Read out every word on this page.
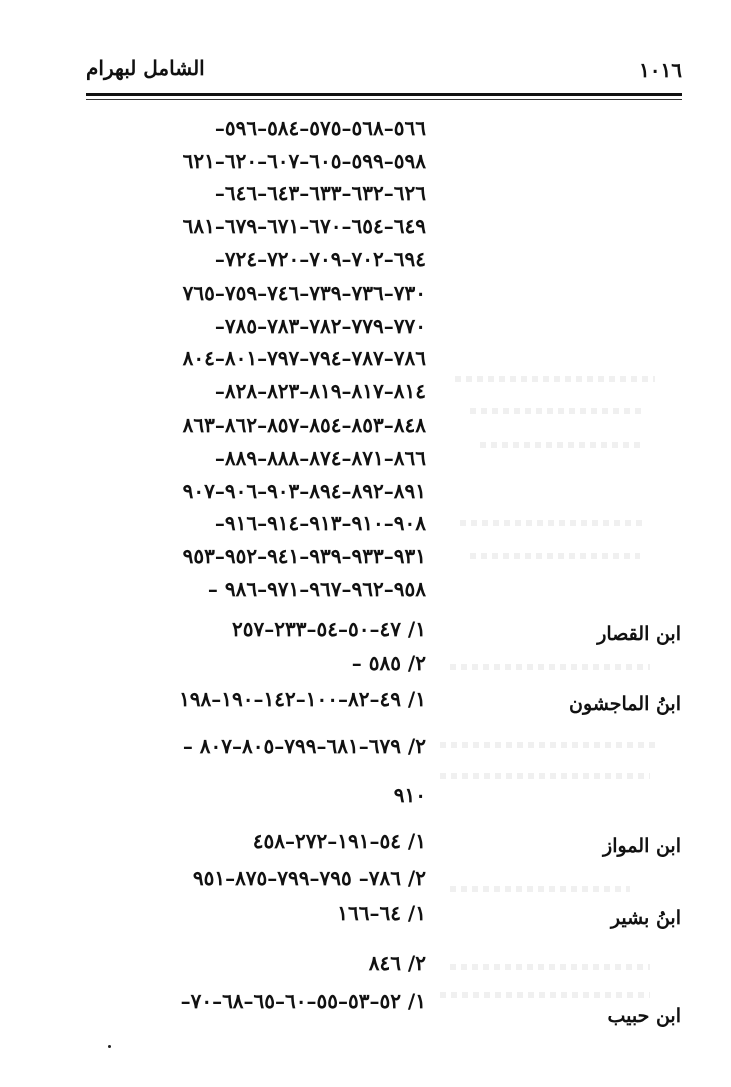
١٠١٦
الشامل لبهرام
٥٦٦–٥٦٨–٥٧٥–٥٨٤–٥٩٦–
٥٩٨–٥٩٩–٦٠٥–٦٠٧–٦٢٠–٦٢١
٦٢٦–٦٣٢–٦٣٣–٦٤٣–٦٤٦–
٦٤٩–٦٥٤–٦٧٠–٦٧١–٦٧٩–٦٨١
٦٩٤–٧٠٢–٧٠٩–٧٢٠–٧٢٤–
٧٣٠–٧٣٦–٧٣٩–٧٤٦–٧٥٩–٧٦٥
٧٧٠–٧٧٩–٧٨٢–٧٨٣–٧٨٥–
٧٨٦–٧٨٧–٧٩٤–٧٩٧–٨٠١–٨٠٤
٨١٤–٨١٧–٨١٩–٨٢٣–٨٢٨–
٨٤٨–٨٥٣–٨٥٤–٨٥٧–٨٦٢–٨٦٣
٨٦٦–٨٧١–٨٧٤–٨٨٨–٨٨٩–
٨٩١–٨٩٢–٨٩٤–٩٠٣–٩٠٦–٩٠٧
٩٠٨–٩١٠–٩١٣–٩١٤–٩١٦–
٩٣١–٩٣٣–٩٣٩–٩٤١–٩٥٢–٩٥٣
٩٥٨–٩٦٢–٩٦٧–٩٧١–٩٨٦ –
ابن القصار
١/ ٤٧–٥٠–٥٤–٢٣٣–٢٥٧
٢/ ٥٨٥ –
ابنُ الماجشون
١/ ٤٩–٨٢–١٠٠–١٤٢–١٩٠–١٩٨
٢/ ٦٧٩–٦٨١–٧٩٩–٨٠٥–٨٠٧ –
٩١٠
ابن المواز
١/ ٥٤–١٩١–٢٧٢–٤٥٨
٢/ ٧٨٦– ٧٩٥–٧٩٩–٨٧٥–٩٥١
ابنُ بشير
١/ ٦٤–١٦٦
٢/ ٨٤٦
ابن حبيب
١/ ٥٢–٥٣–٥٥–٦٠–٦٥–٦٨–٧٠–
